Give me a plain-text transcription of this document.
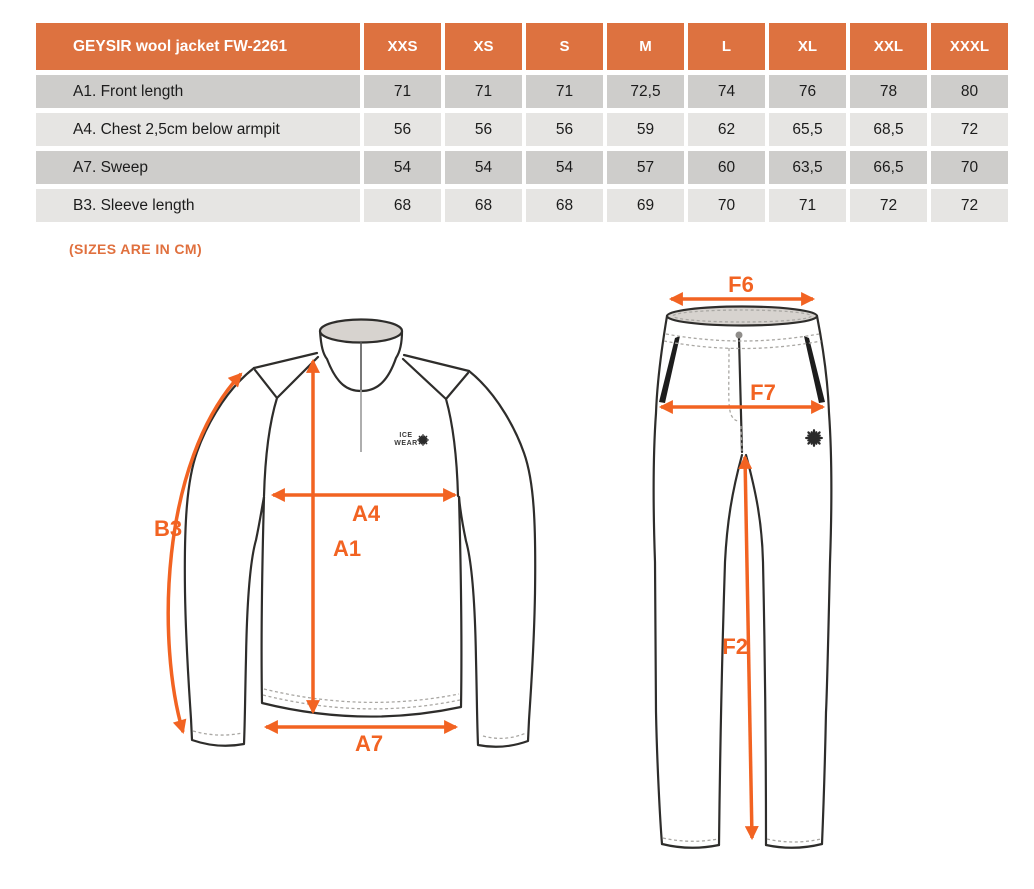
GEYSIR wool jacket FW-2261	XXS	XS	S	M	L	XL	XXL	XXXL
A1. Front length	71	71	71	72,5	74	76	78	80
A4. Chest 2,5cm below armpit	56	56	56	59	62	65,5	68,5	72
A7. Sweep	54	54	54	57	60	63,5	66,5	70
B3. Sleeve length	68	68	68	69	70	71	72	72
(SIZES ARE IN CM)
ICE
WEAR
B3
A1
A4
A7
F6
F7
F2
